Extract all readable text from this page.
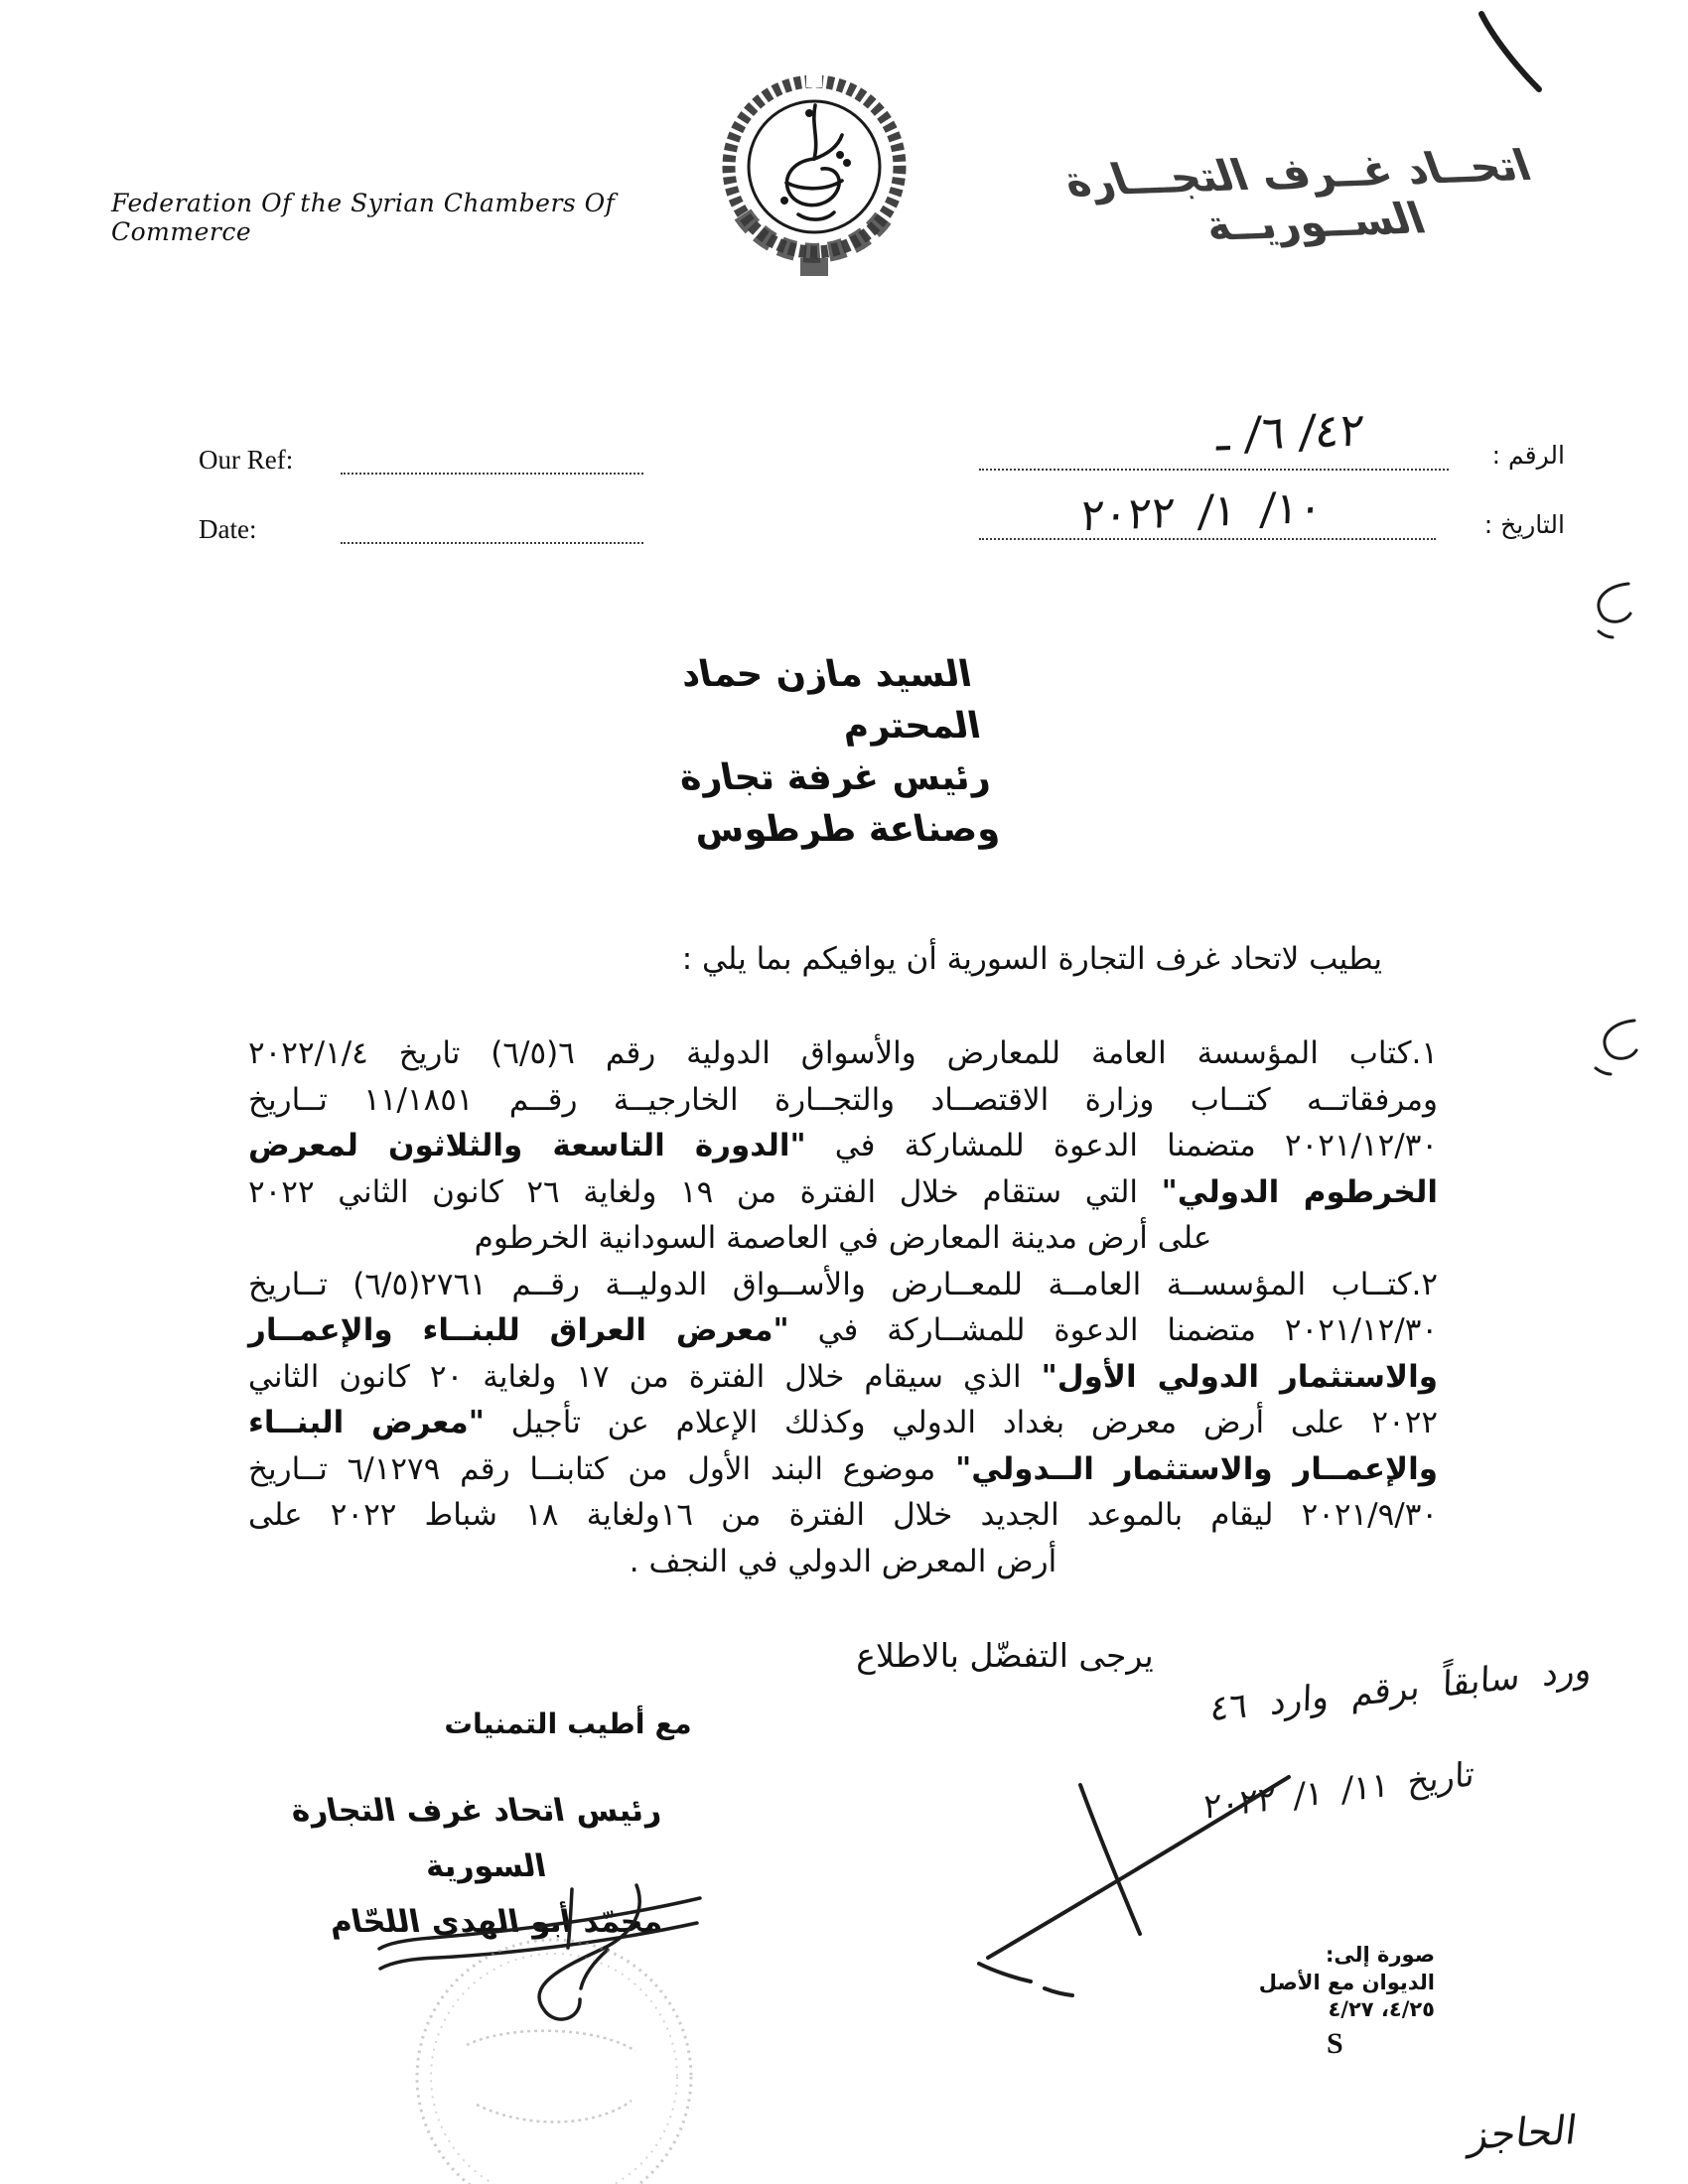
Federation Of the Syrian Chambers Of Commerce
اتحــاد غــرف التجـــارة الســوريــة
Our Ref:
Date:
الرقم :
٤٢/ ٦/ ـ
التاريخ :
١٠/ ١/ ٢٠٢٢
السيد مازن حماد المحترم
رئيس غرفة تجارة وصناعة طرطوس
يطيب لاتحاد غرف التجارة السورية أن يوافيكم بما يلي :
١.كتاب المؤسسة العامة للمعارض والأسواق الدولية رقم ٦(٦/٥) تاريخ ٢٠٢٢/١/٤
ومرفقاتــه كتــاب وزارة الاقتصــاد والتجــارة الخارجيــة رقــم ١١/١٨٥١ تــاريخ
٢٠٢١/١٢/٣٠ متضمنا الدعوة للمشاركة في "الدورة التاسعة والثلاثون لمعرض
الخرطوم الدولي" التي ستقام خلال الفترة من ١٩ ولغاية ٢٦ كانون الثاني ٢٠٢٢
على أرض مدينة المعارض في العاصمة السودانية الخرطوم
٢.كتــاب المؤسســة العامــة للمعــارض والأســواق الدوليــة رقــم ٢٧٦١(٦/٥) تــاريخ
٢٠٢١/١٢/٣٠ متضمنا الدعوة للمشــاركة في "معرض العراق للبنــاء والإعمــار
والاستثمار الدولي الأول" الذي سيقام خلال الفترة من ١٧ ولغاية ٢٠ كانون الثاني
٢٠٢٢ على أرض معرض بغداد الدولي وكذلك الإعلام عن تأجيل "معرض البنــاء
والإعمــار والاستثمار الــدولي" موضوع البند الأول من كتابنــا رقم ٦/١٢٧٩ تــاريخ
٢٠٢١/٩/٣٠ ليقام بالموعد الجديد خلال الفترة من ١٦ولغاية ١٨ شباط ٢٠٢٢ على
أرض المعرض الدولي في النجف .
يرجى التفضّل بالاطلاع
مع أطيب التمنيات
رئيس اتحاد غرف التجارة السورية
محمّد أبو الهدى اللحّام
ورد سابقاً برقم وارد ٤٦
تاريخ ١١/ ١/ ٢٠٢٢
صورة إلى:
الديوان مع الأصل
٤/٢٥، ٤/٢٧
S
الحاجز
